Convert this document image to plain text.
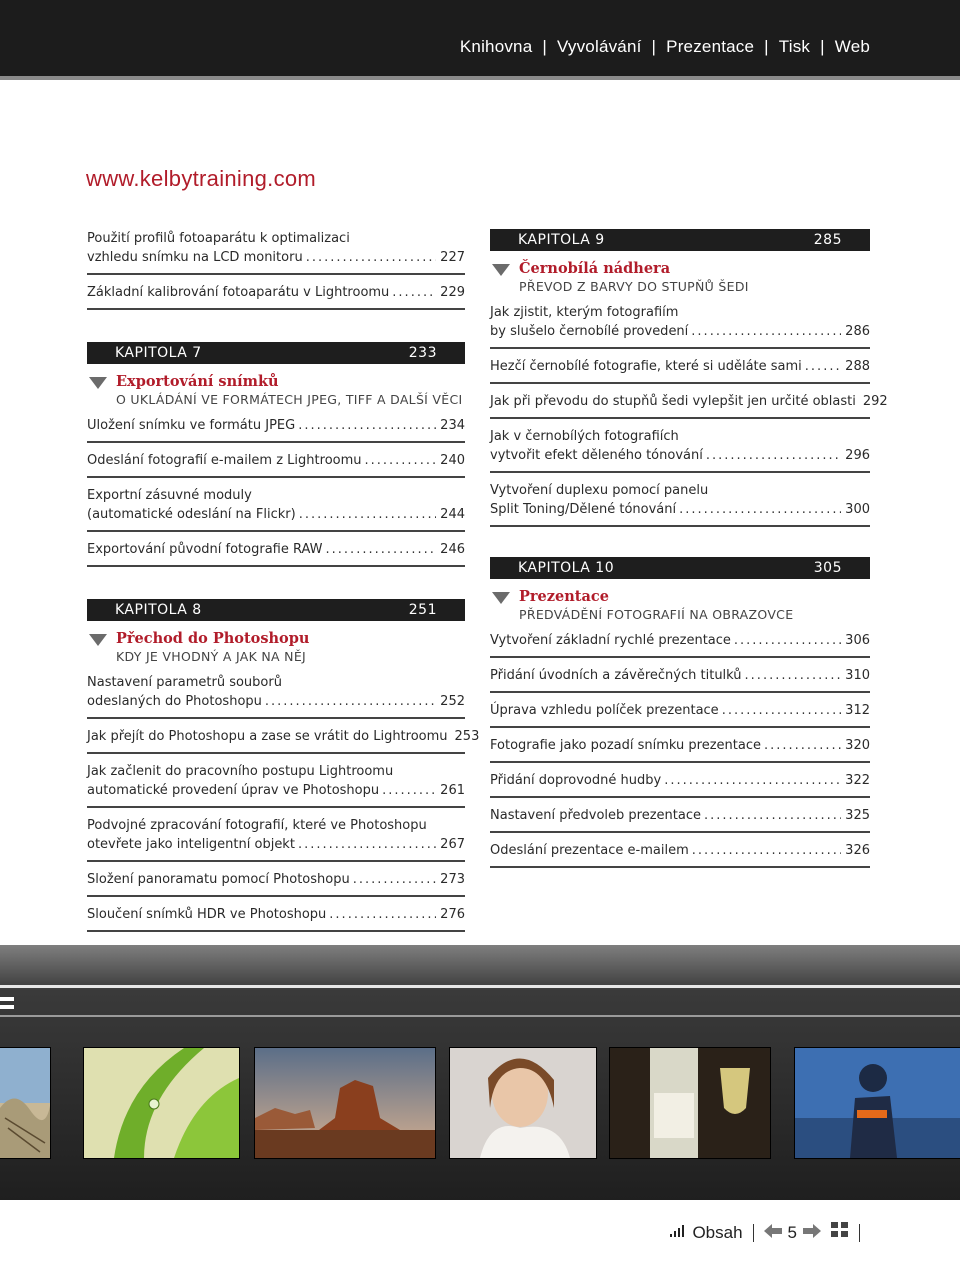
Knihovna | Vyvolávání | Prezentace | Tisk | Web
www.kelbytraining.com
Použití profilů fotoaparátu k optimalizaci
vzhledu snímku na LCD monitoru .....	227
Základní kalibrování fotoaparátu v Lightroomu .....	229
KAPITOLA 7	233
Exportování snímků
O UKLÁDÁNÍ VE FORMÁTECH JPEG, TIFF A DALŠÍ VĚCI
Uložení snímku ve formátu JPEG .....	234
Odeslání fotografií e-mailem z Lightroomu .....	240
Exportní zásuvné moduly
(automatické odeslání na Flickr) .....	244
Exportování původní fotografie RAW .....	246
KAPITOLA 8	251
Přechod do Photoshopu
KDY JE VHODNÝ A JAK NA NĚJ
Nastavení parametrů souborů
odeslaných do Photoshopu .....	252
Jak přejít do Photoshopu a zase se vrátit do Lightroomu 253
Jak začlenit do pracovního postupu Lightroomu
automatické provedení úprav ve Photoshopu .....	261
Podvojné zpracování fotografií, které ve Photoshopu
otevřete jako inteligentní objekt .....	267
Složení panoramatu pomocí Photoshopu .....	273
Sloučení snímků HDR ve Photoshopu .....	276
KAPITOLA 9	285
Černobílá nádhera
PŘEVOD Z BARVY DO STUPŇŮ ŠEDI
Jak zjistit, kterým fotografiím
by slušelo černobílé provedení .....	286
Hezčí černobílé fotografie, které si uděláte sami .....	288
Jak při převodu do stupňů šedi vylepšit jen určité oblasti 292
Jak v černobílých fotografiích
vytvořit efekt děleného tónování .....	296
Vytvoření duplexu pomocí panelu
Split Toning/Dělené tónování .....	300
KAPITOLA 10	305
Prezentace
PŘEDVÁDĚNÍ FOTOGRAFIÍ NA OBRAZOVCE
Vytvoření základní rychlé prezentace .....	306
Přidání úvodních a závěrečných titulků .....	310
Úprava vzhledu políček prezentace .....	312
Fotografie jako pozadí snímku prezentace .....	320
Přidání doprovodné hudby .....	322
Nastavení předvoleb prezentace .....	325
Odeslání prezentace e-mailem .....	326
Obsah	5
